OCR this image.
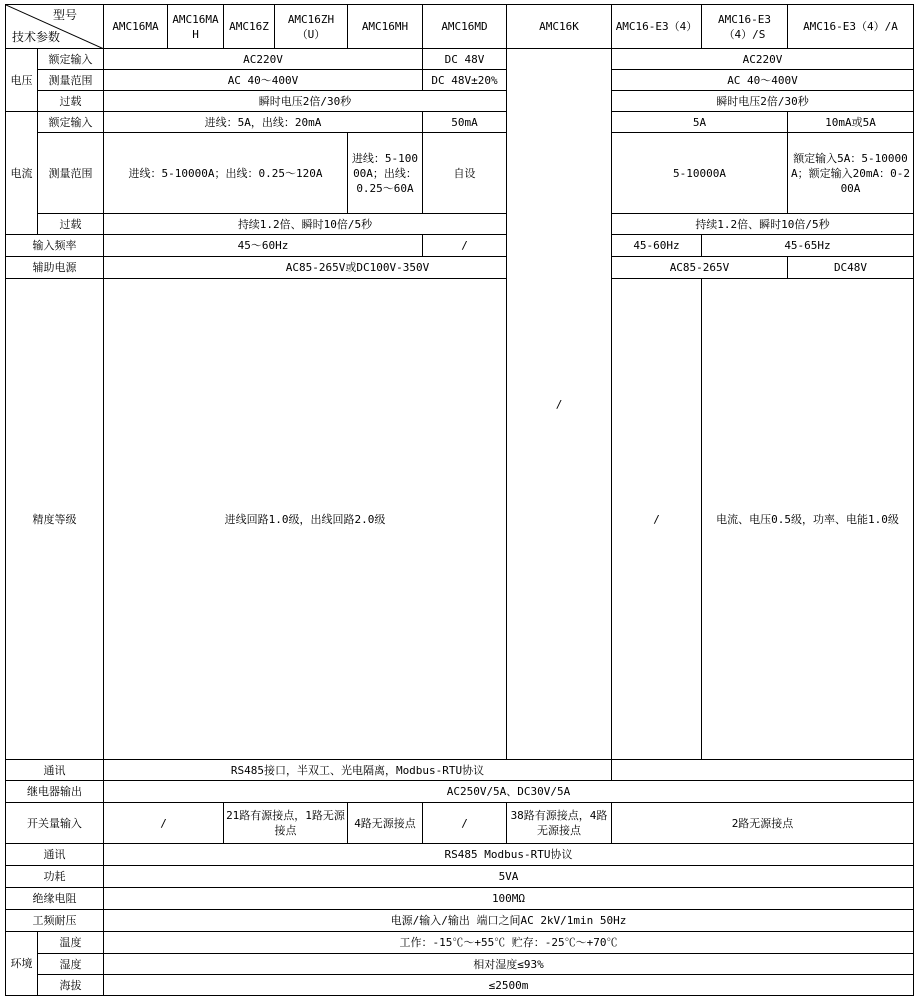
型号
技术参数		AMC16MA	AMC16MAH	AMC16Z	AMC16ZH（U）	AMC16MH	AMC16MD	AMC16K	AMC16-E3（4）	AMC16-E3（4）/S	AMC16-E3（4）/A	
电压	额定输入	AC220V					DC 48V	/	AC220V			
	测量范围	AC 40～400V					DC 48V±20%		AC 40～400V			
	过载	瞬时电压2倍/30秒							瞬时电压2倍/30秒			
电流	额定输入	进线：5A，出线：20mA					50mA		5A		10mA或5A	
	测量范围	进线：5-10000A；出线：0.25～120A				进线：5-10000A；出线：0.25～60A	自设		5-10000A		额定输入5A：5-10000A；额定输入20mA：0-200A	
	过载	持续1.2倍、瞬时10倍/5秒							持续1.2倍、瞬时10倍/5秒			
输入频率		45～60Hz					/		45-60Hz	45-65Hz		
辅助电源		AC85-265V或DC100V-350V							AC85-265V		DC48V	
精度等级		进线回路1.0级，出线回路2.0级							/	电流、电压0.5级，功率、电能1.0级	
通讯		RS485接口，半双工、光电隔离，Modbus-RTU协议										
继电器输出		AC250V/5A、DC30V/5A										
开关量输入		/		21路有源接点，1路无源接点		4路无源接点	/	38路有源接点，4路无源接点	2路无源接点			
通讯		RS485 Modbus-RTU协议										
功耗		5VA										
绝缘电阻		100MΩ										
工频耐压		电源/输入/输出 端口之间AC 2kV/1min 50Hz										
环境	温度	工作：-15℃～+55℃ 贮存：-25℃～+70℃										
	湿度	相对湿度≤93%										
	海拔	≤2500m										
